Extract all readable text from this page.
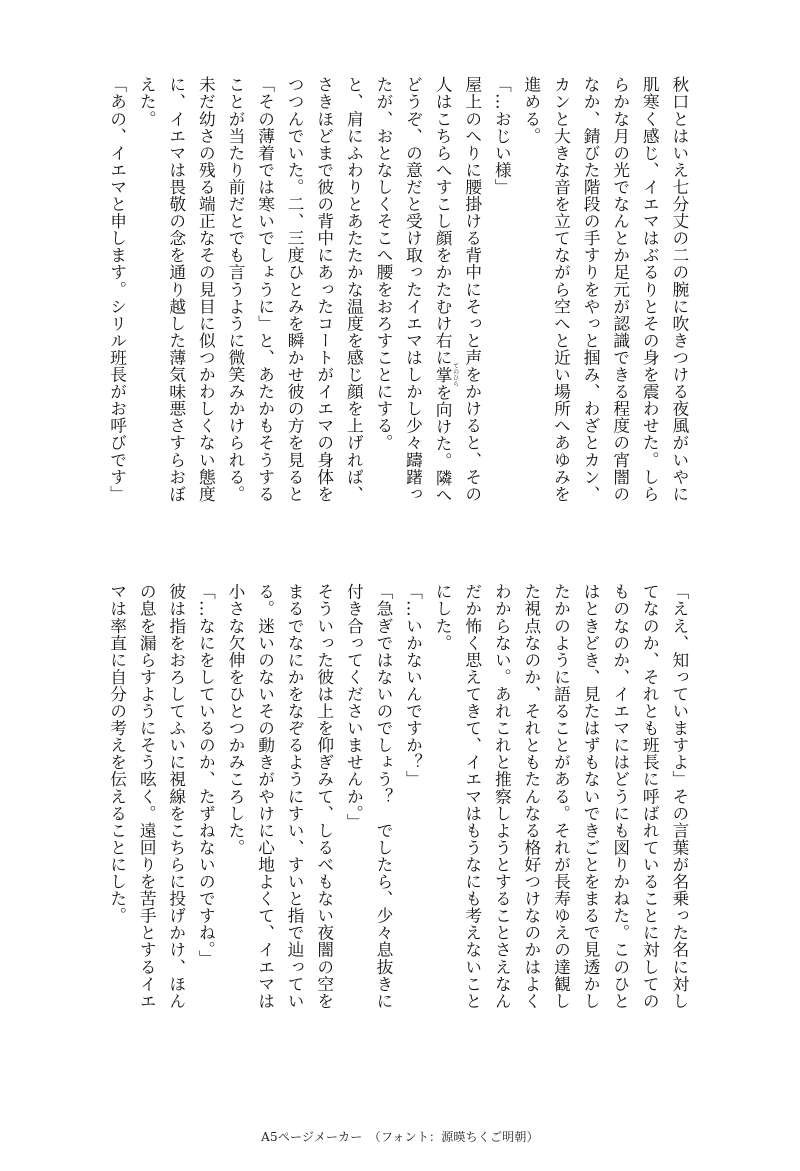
秋口とはいえ七分丈の二の腕に吹きつける夜風がいやに
肌寒く感じ、イエマはぶるりとその身を震わせた。しら
らかな月の光でなんとか足元が認識できる程度の宵闇の
なか、錆びた階段の手すりをやっと掴み、わざとカン、
カンと大きな音を立てながら空へと近い場所へあゆみを
進める。
「…おじい様」
屋上のへりに腰掛ける背中にそっと声をかけると、その
人はこちらへすこし顔をかたむけ右に掌てのひらを向けた。隣へ
どうぞ、の意だと受け取ったイエマはしかし少々躊躇っ
たが、おとなしくそこへ腰をおろすことにする。
と、肩にふわりとあたたかな温度を感じ顔を上げれば、
さきほどまで彼の背中にあったコートがイエマの身体を
つつんでいた。二、三度ひとみを瞬かせ彼の方を見ると
「その薄着では寒いでしょうに」と、あたかもそうする
ことが当たり前だとでも言うように微笑みかけられる。
未だ幼さの残る端正なその見目に似つかわしくない態度
に、イエマは畏敬の念を通り越した薄気味悪さすらおぼ
えた。
「あの、イエマと申します。シリル班長がお呼びです」
「ええ、知っていますよ」その言葉が名乗った名に対し
てなのか、それとも班長に呼ばれていることに対しての
ものなのか、イエマにはどうにも図りかねた。このひと
はときどき、見たはずもないできごとをまるで見透かし
たかのように語ることがある。それが長寿ゆえの達観し
た視点なのか、それともたんなる格好つけなのかはよく
わからない。あれこれと推察しようとすることさえなん
だか怖く思えてきて、イエマはもうなにも考えないこと
にした。
「…いかないんですか？」
「急ぎではないのでしょう？　でしたら、少々息抜きに
付き合ってくださいませんか。」
そういった彼は上を仰ぎみて、しるべもない夜闇の空を
まるでなにかをなぞるようにすい、すいと指で辿ってい
る。迷いのないその動きがやけに心地よくて、イエマは
小さな欠伸をひとつかみころした。
「…なにをしているのか、たずねないのですね。」
彼は指をおろしてふいに視線をこちらに投げかけ、ほん
の息を漏らすようにそう呟く。遠回りを苦手とするイエ
マは率直に自分の考えを伝えることにした。
A5ページメーカー　（フォント：源暎ちくご明朝）
